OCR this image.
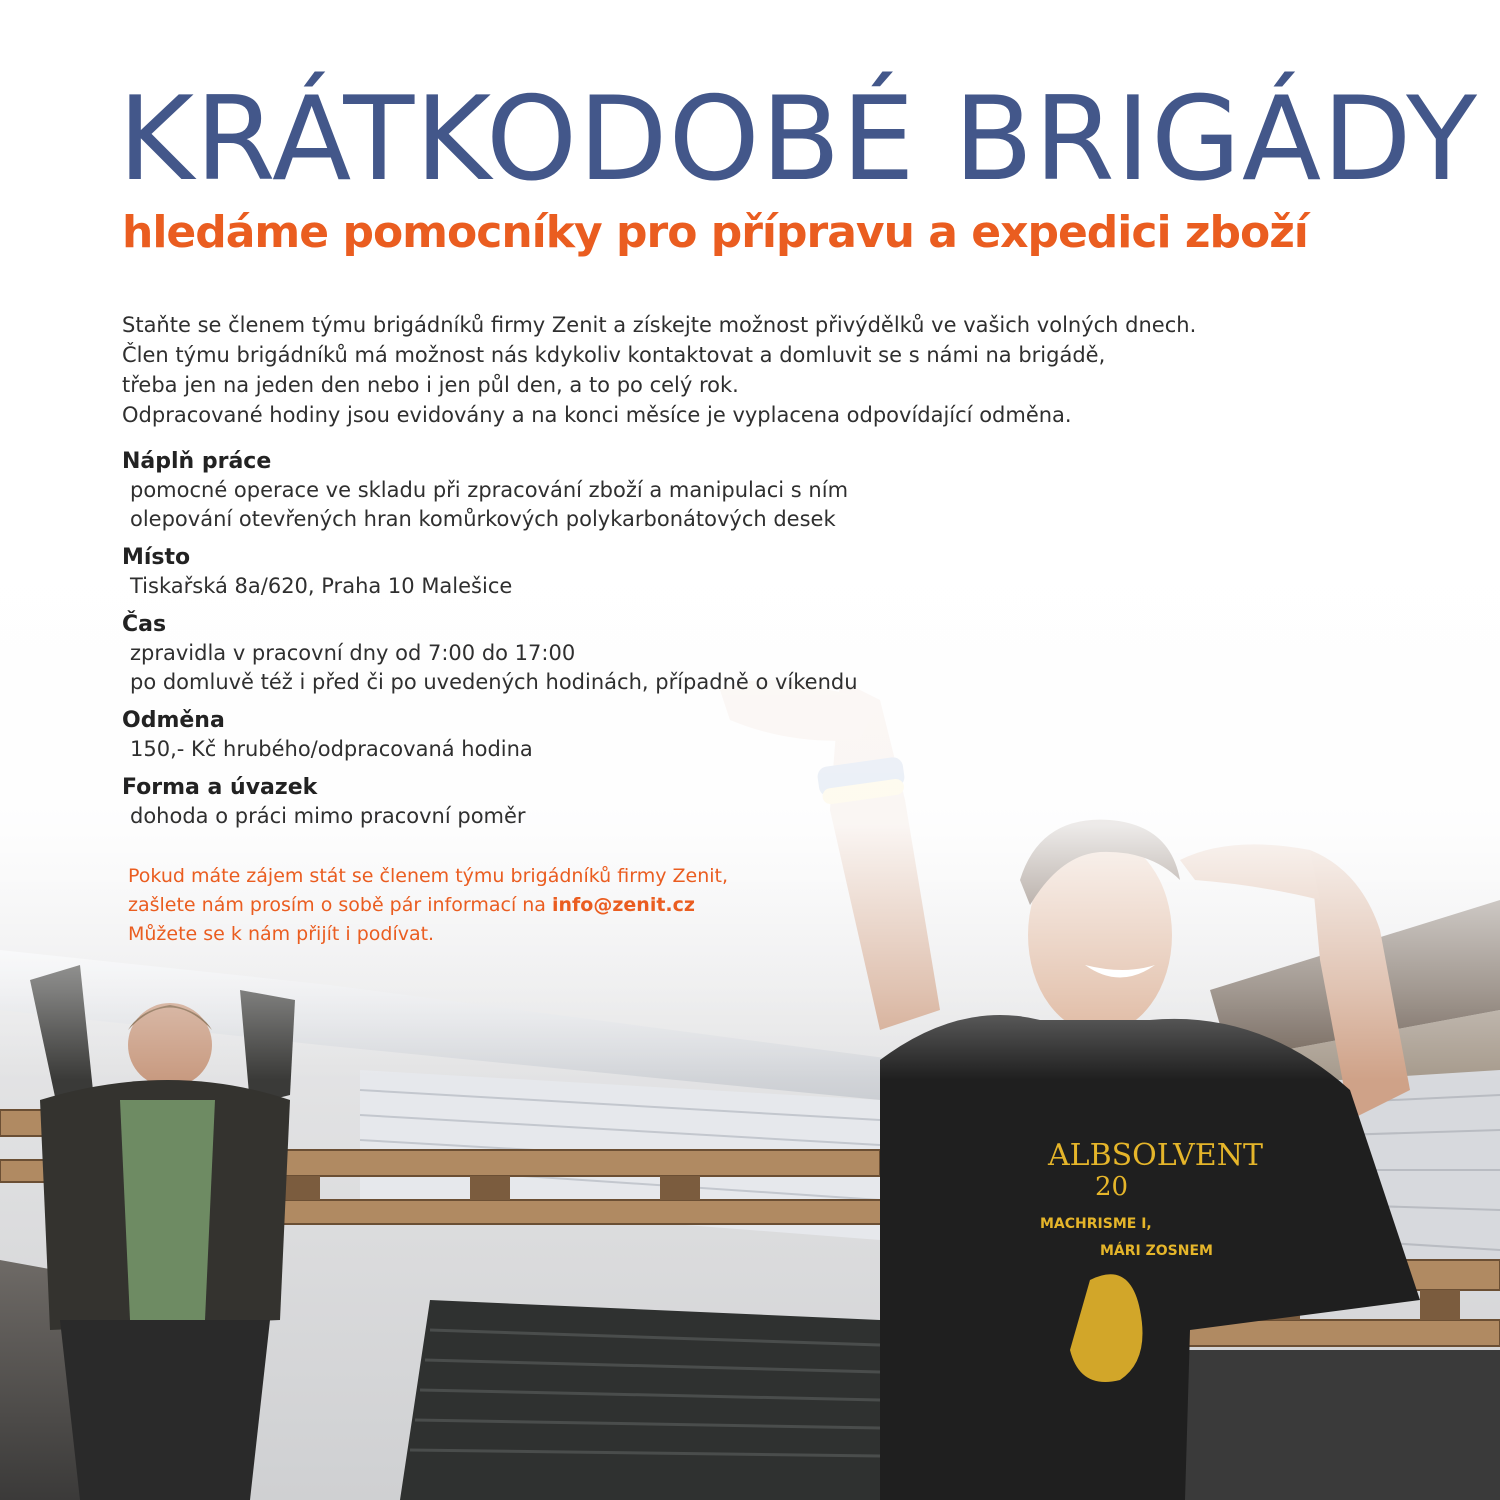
KRÁTKODOBÉ BRIGÁDY
hledáme pomocníky pro přípravu a expedici zboží

Staňte se členem týmu brigádníků firmy Zenit a získejte možnost přivýdělků ve vašich volných dnech.

Člen týmu brigádníků má možnost nás kdykoliv kontaktovat a domluvit se s námi na brigádě,

třeba jen na jeden den nebo i jen půl den, a to po celý rok.

Odpracované hodiny jsou evidovány a na konci měsíce je vyplacena odpovídající odměna.

Náplň práce
pomocné operace ve skladu při zpracování zboží a manipulaci s ním
olepování otevřených hran komůrkových polykarbonátových desek
Místo
Tiskařská 8a/620, Praha 10 Malešice
Čas
zpravidla v pracovní dny od 7:00 do 17:00
po domluvě též i před či po uvedených hodinách, případně o víkendu
Odměna
150,- Kč hrubého/odpracovaná hodina
Forma a úvazek
dohoda o práci mimo pracovní poměr

Pokud máte zájem stát se členem týmu brigádníků firmy Zenit,

zašlete nám prosím o sobě pár informací na info@zenit.cz

Můžete se k nám přijít i podívat.
